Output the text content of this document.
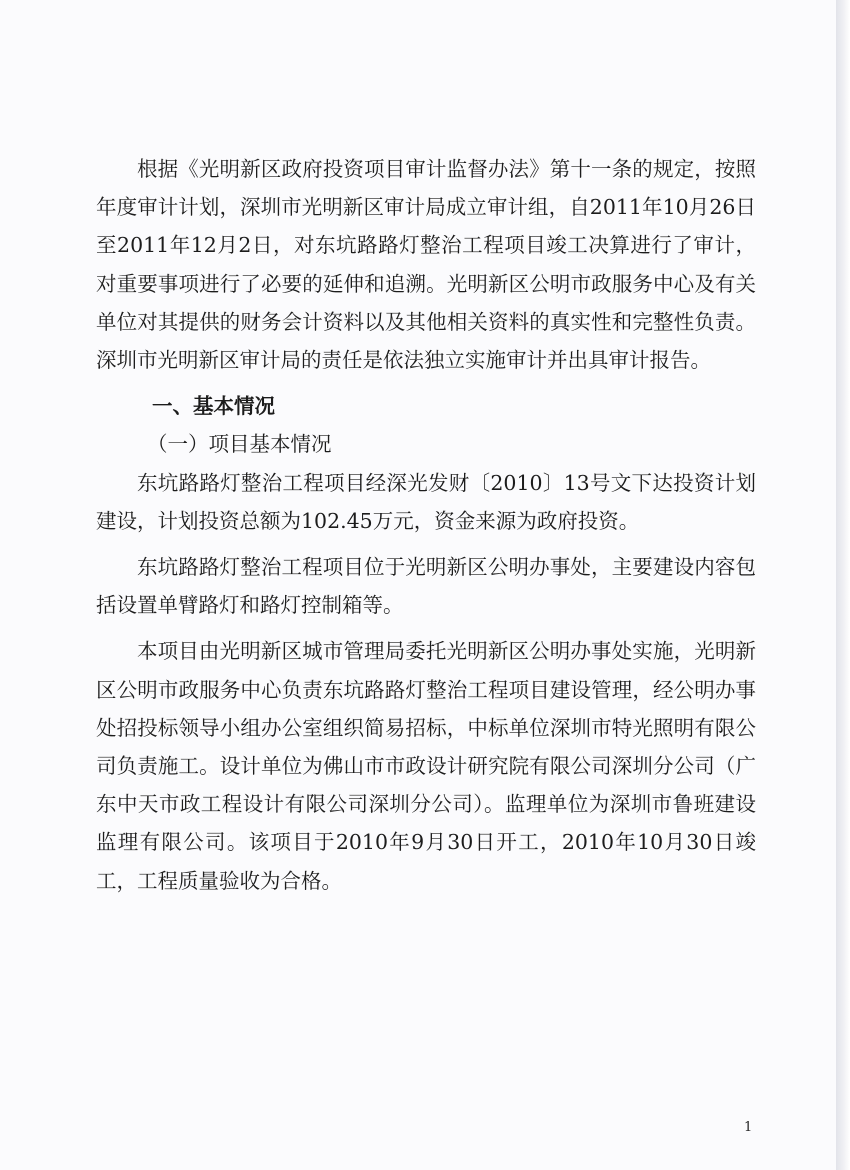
根据《光明新区政府投资项目审计监督办法》第十一条的规定，按照年度审计计划，深圳市光明新区审计局成立审计组，自2011年10月26日至2011年12月2日，对东坑路路灯整治工程项目竣工决算进行了审计，对重要事项进行了必要的延伸和追溯。光明新区公明市政服务中心及有关单位对其提供的财务会计资料以及其他相关资料的真实性和完整性负责。深圳市光明新区审计局的责任是依法独立实施审计并出具审计报告。

一、基本情况

（一）项目基本情况

东坑路路灯整治工程项目经深光发财〔2010〕13号文下达投资计划建设，计划投资总额为102.45万元，资金来源为政府投资。

东坑路路灯整治工程项目位于光明新区公明办事处，主要建设内容包括设置单臂路灯和路灯控制箱等。

本项目由光明新区城市管理局委托光明新区公明办事处实施，光明新区公明市政服务中心负责东坑路路灯整治工程项目建设管理，经公明办事处招投标领导小组办公室组织简易招标，中标单位深圳市特光照明有限公司负责施工。设计单位为佛山市市政设计研究院有限公司深圳分公司（广东中天市政工程设计有限公司深圳分公司）。监理单位为深圳市鲁班建设监理有限公司。该项目于2010年9月30日开工，2010年10月30日竣工，工程质量验收为合格。

1
